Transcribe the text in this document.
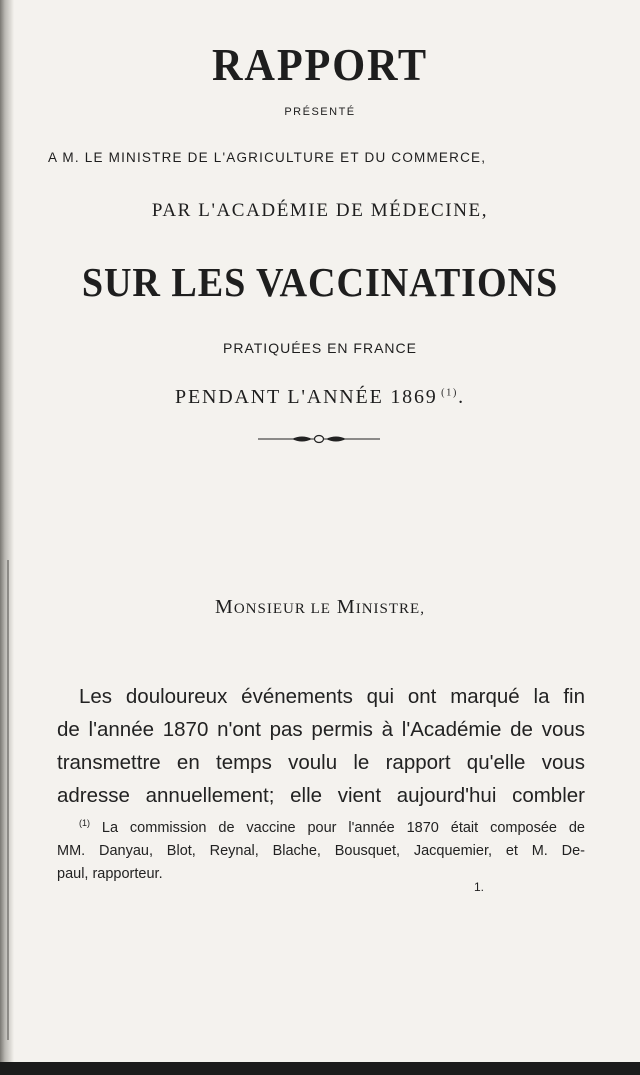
RAPPORT
PRÉSENTÉ
A M. LE MINISTRE DE L'AGRICULTURE ET DU COMMERCE,
PAR L'ACADÉMIE DE MÉDECINE,
SUR LES VACCINATIONS
PRATIQUÉES EN FRANCE
PENDANT L'ANNÉE 1869  $^{(1)}$.
MONSIEUR LE MINISTRE,
Les douloureux événements qui ont marqué la fin
de l'année 1870 n'ont pas permis à l'Académie de vous
transmettre en temps voulu le rapport qu'elle vous
adresse annuellement; elle vient aujourd'hui combler
$^{(1)}$ La commission de vaccine pour l'année 1870 était composée de
MM. Danyau, Blot, Reynal, Blache, Bousquet, Jacquemier, et M. De-
paul, rapporteur.
1.
